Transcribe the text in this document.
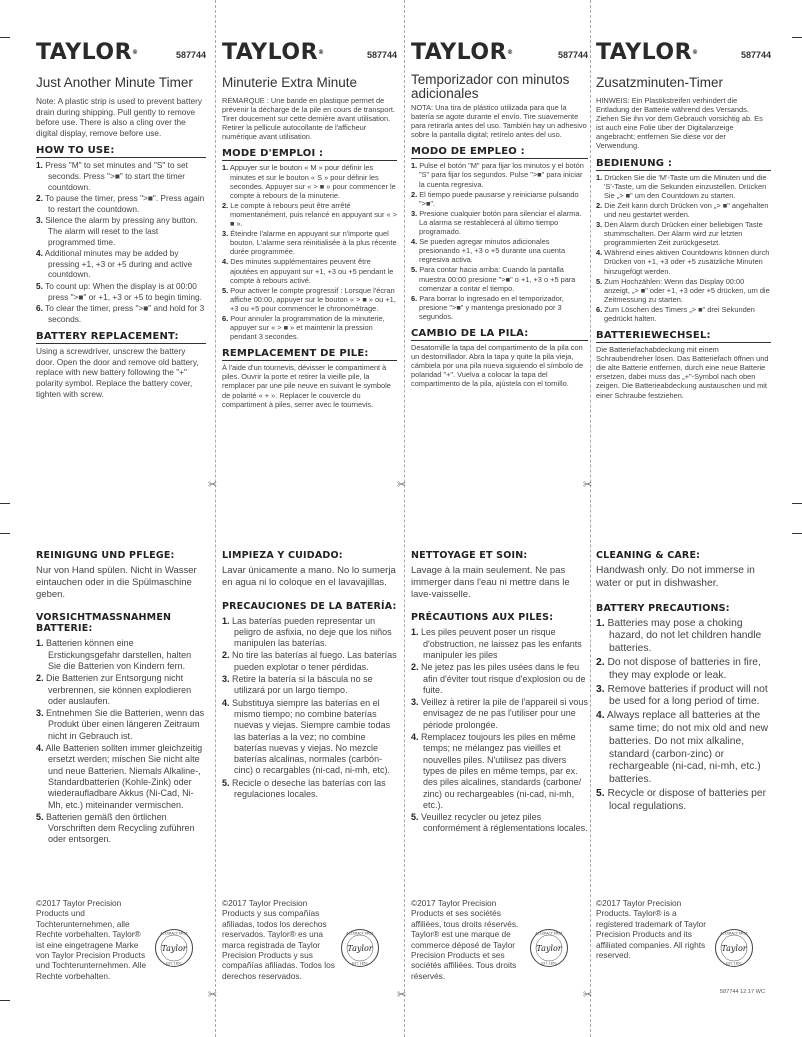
✂	✂	✂
✂	✂	✂
TAYLOR®	587744
Just Another Minute Timer
Note: A plastic strip is used to prevent battery drain during shipping. Pull gently to remove before use. There is also a cling over the digital display, remove before use.
HOW TO USE:
1. Press "M" to set minutes and "S" to set seconds. Press ">■" to start the timer countdown.
2. To pause the timer, press ">■". Press again to restart the countdown.
3. Silence the alarm by pressing any button. The alarm will reset to the last programmed time.
4. Additional minutes may be added by pressing +1, +3 or +5 during and active countdown.
5. To count up: When the display is at 00:00 press ">■" or +1, +3 or +5 to begin timing.
6. To clear the timer, press ">■" and hold for 3 seconds.
BATTERY REPLACEMENT:

Using a screwdriver, unscrew the battery door. Open the door and remove old battery, replace with new battery following the "+" polarity symbol. Replace the battery cover, tighten with screw.

TAYLOR®	587744
Minuterie Extra Minute
REMARQUE : Une bande en plastique permet de prévenir la décharge de la pile en cours de transport. Tirer doucement sur cette dernière avant utilisation. Retirer la pellicule autocollante de l'afficheur numérique avant utilisation.
MODE D'EMPLOI :
1. Appuyer sur le bouton « M » pour définir les minutes et sur le bouton « S » pour définir les secondes. Appuyer sur « > ■ » pour commencer le compte à rebours de la minuterie.
2. Le compte à rebours peut être arrêté momentanément, puis relancé en appuyant sur « > ■ ».
3. Éteindre l'alarme en appuyant sur n'importe quel bouton. L'alarme sera réinitialisée à la plus récente durée programmée.
4. Des minutes supplémentaires peuvent être ajoutées en appuyant sur +1, +3 ou +5 pendant le compte à rebours activé.
5. Pour activer le compte progressif : Lorsque l'écran affiche 00:00, appuyer sur le bouton « > ■ » ou +1, +3 ou +5 pour commencer le chronométrage.
6. Pour annuler la programmation de la minuterie, appuyer sur « > ■ » et maintenir la pression pendant 3 secondes.
REMPLACEMENT DE PILE:

À l'aide d'un tournevis, dévisser le compartiment à piles. Ouvrir la porte et retirer la vieille pile, la remplacer par une pile neuve en suivant le symbole de polarité « + ». Replacer le couvercle du compartiment à piles, serrer avec le tournevis.

TAYLOR®	587744
Temporizador con minutos adicionales
NOTA: Una tira de plástico utilizada para que la batería se agote durante el envío. Tire suavemente para retirarla antes del uso. También hay un adhesivo sobre la pantalla digital; retírelo antes del uso.
MODO DE EMPLEO :
1. Pulse el botón "M" para fijar los minutos y el botón "S" para fijar los segundos. Pulse ">■" para iniciar la cuenta regresiva.
2. El tiempo puede pausarse y reiniciarse pulsando ">■".
3. Presione cualquier botón para silenciar el alarma. La alarma se restablecerá al último tiempo programado.
4. Se pueden agregar minutos adicionales presionando +1, +3 o +5 durante una cuenta regresiva activa.
5. Para contar hacia arriba: Cuando la pantalla muestra 00:00 presione ">■" o +1, +3 o +5 para comenzar a contar el tiempo.
6. Para borrar lo ingresado en el temporizador, presione ">■" y mantenga presionado por 3 segundos.
CAMBIO DE LA PILA:

Desatornille la tapa del compartimento de la pila con un destornillador. Abra la tapa y quite la pila vieja, cámbiela por una pila nueva siguiendo el símbolo de polaridad "+". Vuelva a colocar la tapa del compartimento de la pila, ajústela con el tornillo.

TAYLOR®	587744
Zusatzminuten-Timer
HINWEIS: Ein Plastikstreifen verhindert die Entladung der Batterie während des Versands. Ziehen Sie ihn vor dem Gebrauch vorsichtig ab. Es ist auch eine Folie über der Digitalanzeige angebracht; entfernen Sie diese vor der Verwendung.
BEDIENUNG :
1. Drücken Sie die 'M'-Taste um die Minuten und die 'S'-Taste, um die Sekunden einzustellen. Drücken Sie „> ■" um den Countdown zu starten.
2. Die Zeit kann durch Drücken von „> ■" angehalten und neu gestartet werden.
3. Den Alarm durch Drücken einer beliebigen Taste stummschalten. Der Alarm wird zur letzten programmierten Zeit zurückgesetzt.
4. Während eines aktiven Countdowns können durch Drücken von +1, +3 oder +5 zusätzliche Minuten hinzugefügt werden.
5. Zum Hochzählen: Wenn das Display 00:00 anzeigt, „> ■" oder +1, +3 oder +5 drücken, um die Zeitmessung zu starten.
6. Zum Löschen des Timers „> ■" drei Sekunden gedrückt halten.
BATTERIEWECHSEL:

Die Batteriefachabdeckung mit einem Schraubendreher lösen. Das Batteriefach öffnen und die alte Batterie entfernen, durch eine neue Batterie ersetzen, dabei muss das „+"-Symbol nach oben zeigen. Die Batterieabdeckung austauschen und mit einer Schraube festziehen.

REINIGUNG UND PFLEGE:

Nur von Hand spülen. Nicht in Wasser eintauchen oder in die Spülmaschine geben.

VORSICHTMASSNAHMEN BATTERIE:
1. Batterien können eine Erstickungsgefahr darstellen, halten Sie die Batterien von Kindern fern.
2. Die Batterien zur Entsorgung nicht verbrennen, sie können explodieren oder auslaufen.
3. Entnehmen Sie die Batterien, wenn das Produkt über einen längeren Zeitraum nicht in Gebrauch ist.
4. Alle Batterien sollten immer gleichzeitig ersetzt werden; mischen Sie nicht alte und neue Batterien. Niemals Alkaline-, Standardbatterien (Kohle-Zink) oder wiederaufladbare Akkus (Ni-Cad, Ni-Mh, etc.) miteinander vermischen.
5. Batterien gemäß den örtlichen Vorschriften dem Recycling zuführen oder entsorgen.
©2017 Taylor Precision Products und Tochterunternehmen, alle Rechte vorbehalten. Taylor® ist eine eingetragene Marke von Taylor Precision Products und Tochterunternehmen. Alle Rechte vorbehalten.
ACCURACY FIRST
Taylor
EST. 1851
LIMPIEZA Y CUIDADO:

Lavar únicamente a mano. No lo sumerja en agua ni lo coloque en el lavavajillas.

PRECAUCIONES DE LA BATERÍA:
1. Las baterías pueden representar un peligro de asfixia, no deje que los niños manipulen las baterías.
2. No tire las baterías al fuego. Las baterías pueden explotar o tener pérdidas.
3. Retire la batería si la báscula no se utilizará por un largo tiempo.
4. Substituya siempre las baterías en el mismo tiempo; no combine baterías nuevas y viejas. Siempre cambie todas las baterías a la vez; no combine baterías nuevas y viejas. No mezcle baterías alcalinas, normales (carbón-cinc) o recargables (ni-cad, ni-mh, etc).
5. Recicle o deseche las baterías con las regulaciones locales.
©2017 Taylor Precision Products y sus compañías afiliadas, todos los derechos reservados. Taylor® es una marca registrada de Taylor Precision Products y sus compañías afiliadas. Todos los derechos reservados.
ACCURACY FIRST
Taylor
EST. 1851
NETTOYAGE ET SOIN:

Lavage à la main seulement. Ne pas immerger dans l'eau ni mettre dans le lave-vaisselle.

PRÉCAUTIONS AUX PILES:
1. Les piles peuvent poser un risque d'obstruction, ne laissez pas les enfants manipuler les piles
2. Ne jetez pas les piles usées dans le feu afin d'éviter tout risque d'explosion ou de fuite.
3. Veillez à retirer la pile de l'appareil si vous envisagez de ne pas l'utiliser pour une période prolongée.
4. Remplacez toujours les piles en même temps; ne mélangez pas vieilles et nouvelles piles. N'utilisez pas divers types de piles en même temps, par ex. des piles alcalines, standards (carbone/ zinc) ou rechargeables (ni-cad, ni-mh, etc.).
5. Veuillez recycler ou jetez piles conformément à réglementations locales.
©2017 Taylor Precision Products et ses sociétés affiliées, tous droits réservés. Taylor® est une marque de commerce déposé de Taylor Precision Products et ses sociétés affiliées. Tous droits réservés.
ACCURACY FIRST
Taylor
EST. 1851
CLEANING & CARE:

Handwash only. Do not immerse in water or put in dishwasher.

BATTERY PRECAUTIONS:
1. Batteries may pose a choking hazard, do not let children handle batteries.
2. Do not dispose of batteries in fire, they may explode or leak.
3. Remove batteries if product will not be used for a long period of time.
4. Always replace all batteries at the same time; do not mix old and new batteries. Do not mix alkaline, standard (carbon-zinc) or rechargeable (ni-cad, ni-mh, etc.) batteries.
5. Recycle or dispose of batteries per local regulations.
©2017 Taylor Precision Products. Taylor® is a registered trademark of Taylor Precision Products and its affiliated companies. All rights reserved.
ACCURACY FIRST
Taylor
EST. 1851
587744 12.17 WC
